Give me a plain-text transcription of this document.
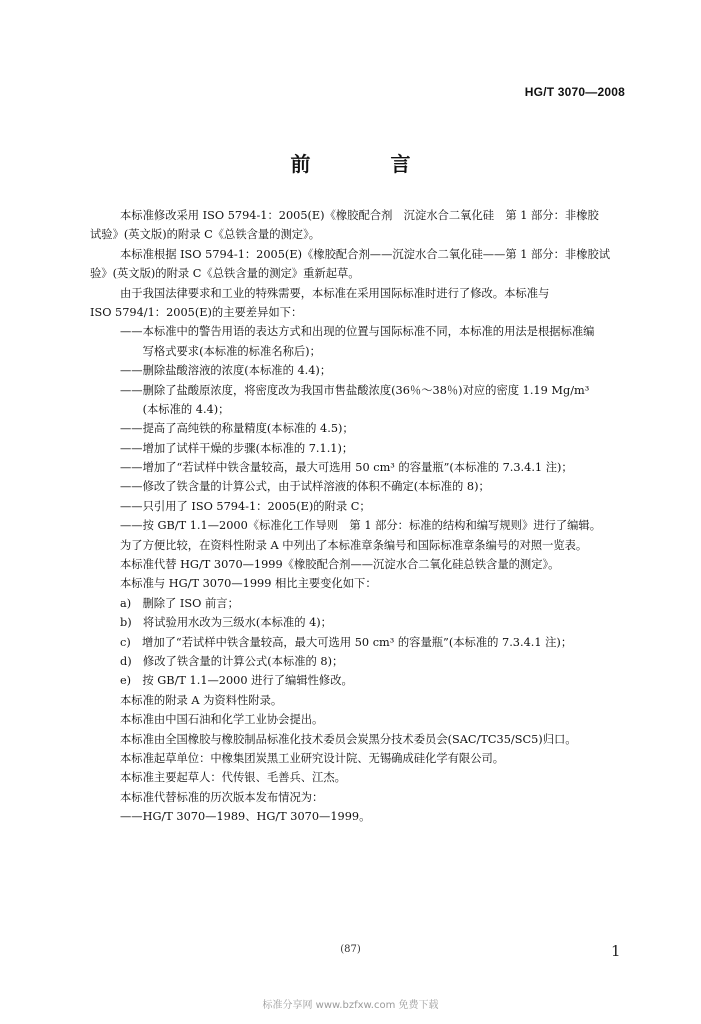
HG/T 3070—2008
前　言
本标准修改采用 ISO 5794-1：2005(E)《橡胶配合剂　沉淀水合二氧化硅　第 1 部分：非橡胶
试验》(英文版)的附录 C《总铁含量的测定》。
本标准根据 ISO 5794-1：2005(E)《橡胶配合剂——沉淀水合二氧化硅——第 1 部分：非橡胶试
验》(英文版)的附录 C《总铁含量的测定》重新起草。
由于我国法律要求和工业的特殊需要，本标准在采用国际标准时进行了修改。本标准与
ISO 5794/1：2005(E)的主要差异如下：
——本标准中的警告用语的表达方式和出现的位置与国际标准不同，本标准的用法是根据标准编
　　写格式要求(本标准的标准名称后)；
——删除盐酸溶液的浓度(本标准的 4.4)；
——删除了盐酸原浓度，将密度改为我国市售盐酸浓度(36％～38％)对应的密度 1.19 Mg/m³
　　(本标准的 4.4)；
——提高了高纯铁的称量精度(本标准的 4.5)；
——增加了试样干燥的步骤(本标准的 7.1.1)；
——增加了“若试样中铁含量较高，最大可选用 50 cm³ 的容量瓶”(本标准的 7.3.4.1 注)；
——修改了铁含量的计算公式，由于试样溶液的体积不确定(本标准的 8)；
——只引用了 ISO 5794-1：2005(E)的附录 C；
——按 GB/T 1.1—2000《标准化工作导则　第 1 部分：标准的结构和编写规则》进行了编辑。
为了方便比较，在资料性附录 A 中列出了本标准章条编号和国际标准章条编号的对照一览表。
本标准代替 HG/T 3070—1999《橡胶配合剂——沉淀水合二氧化硅总铁含量的测定》。
本标准与 HG/T 3070—1999 相比主要变化如下：
a)　删除了 ISO 前言；
b)　将试验用水改为三级水(本标准的 4)；
c)　增加了“若试样中铁含量较高，最大可选用 50 cm³ 的容量瓶”(本标准的 7.3.4.1 注)；
d)　修改了铁含量的计算公式(本标准的 8)；
e)　按 GB/T 1.1—2000 进行了编辑性修改。
本标准的附录 A 为资料性附录。
本标准由中国石油和化学工业协会提出。
本标准由全国橡胶与橡胶制品标准化技术委员会炭黑分技术委员会(SAC/TC35/SC5)归口。
本标准起草单位：中橡集团炭黑工业研究设计院、无锡确成硅化学有限公司。
本标准主要起草人：代传银、毛善兵、江杰。
本标准代替标准的历次版本发布情况为：
——HG/T 3070—1989、HG/T 3070—1999。
(87)	1
标准分享网 www.bzfxw.com 免费下载
